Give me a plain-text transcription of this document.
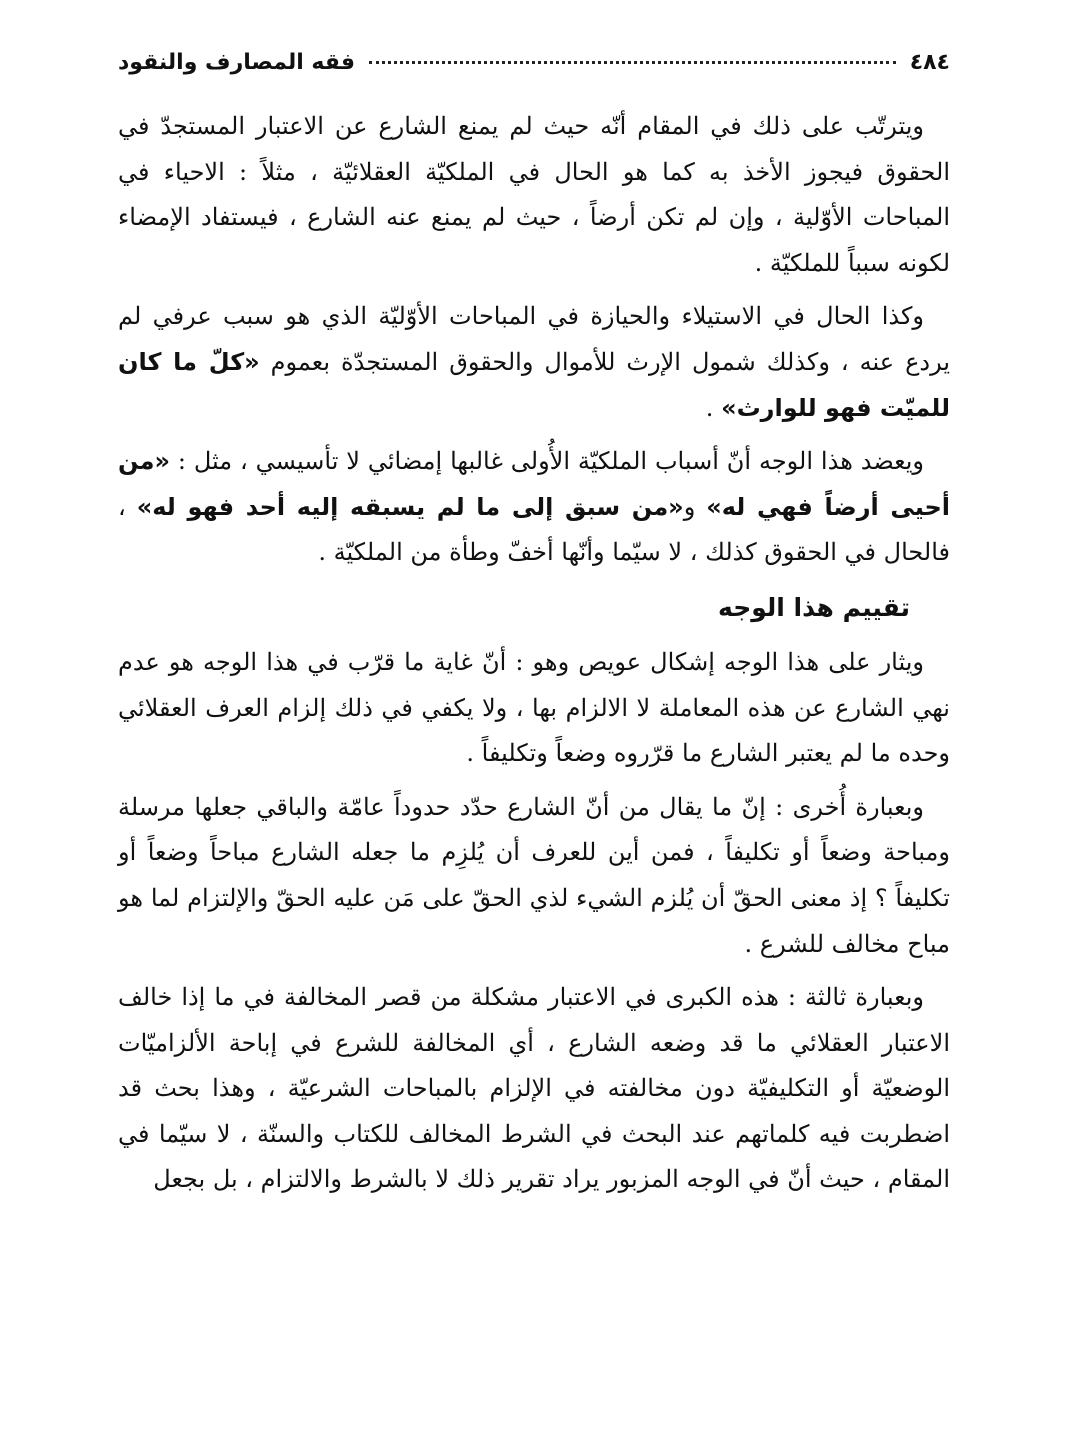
٤٨٤
فقه المصارف والنقود

ويترتّب على ذلك في المقام أنّه حيث لم يمنع الشارع عن الاعتبار المستجدّ في الحقوق فيجوز الأخذ به كما هو الحال في الملكيّة العقلائيّة ، مثلاً : الاحياء في المباحات الأوّلية ، وإن لم تكن أرضاً ، حيث لم يمنع عنه الشارع ، فيستفاد الإمضاء لكونه سبباً للملكيّة .

وكذا الحال في الاستيلاء والحيازة في المباحات الأوّليّة الذي هو سبب عرفي لم يردع عنه ، وكذلك شمول الإرث للأموال والحقوق المستجدّة بعموم «كلّ ما كان للميّت فهو للوارث» .

ويعضد هذا الوجه أنّ أسباب الملكيّة الأُولى غالبها إمضائي لا تأسيسي ، مثل : «من أحيى أرضاً فهي له» و«من سبق إلى ما لم يسبقه إليه أحد فهو له» ، فالحال في الحقوق كذلك ، لا سيّما وأنّها أخفّ وطأة من الملكيّة .

تقييم هذا الوجه

ويثار على هذا الوجه إشكال عويص وهو : أنّ غاية ما قرّب في هذا الوجه هو عدم نهي الشارع عن هذه المعاملة لا الالزام بها ، ولا يكفي في ذلك إلزام العرف العقلائي وحده ما لم يعتبر الشارع ما قرّروه وضعاً وتكليفاً .

وبعبارة أُخرى : إنّ ما يقال من أنّ الشارع حدّد حدوداً عامّة والباقي جعلها مرسلة ومباحة وضعاً أو تكليفاً ، فمن أين للعرف أن يُلزِم ما جعله الشارع مباحاً وضعاً أو تكليفاً ؟ إذ معنى الحقّ أن يُلزم الشيء لذي الحقّ على مَن عليه الحقّ والإلتزام لما هو مباح مخالف للشرع .

وبعبارة ثالثة : هذه الكبرى في الاعتبار مشكلة من قصر المخالفة في ما إذا خالف الاعتبار العقلائي ما قد وضعه الشارع ، أي المخالفة للشرع في إباحة الألزاميّات الوضعيّة أو التكليفيّة دون مخالفته في الإلزام بالمباحات الشرعيّة ، وهذا بحث قد اضطربت فيه كلماتهم عند البحث في الشرط المخالف للكتاب والسنّة ، لا سيّما في المقام ، حيث أنّ في الوجه المزبور يراد تقرير ذلك لا بالشرط والالتزام ، بل بجعل
